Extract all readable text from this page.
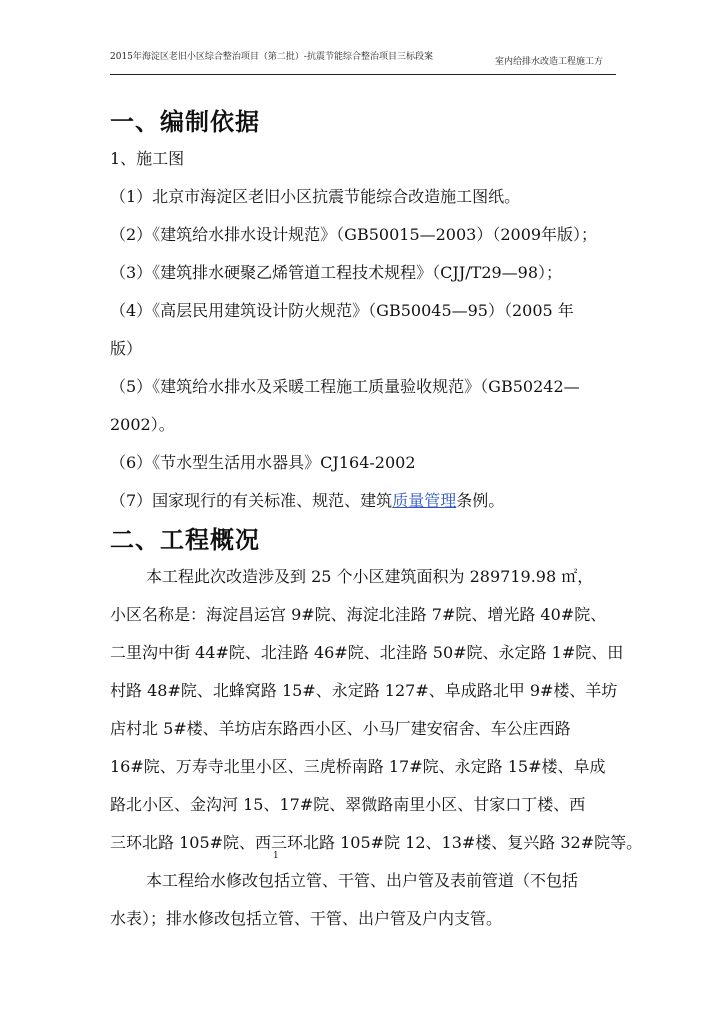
2015年海淀区老旧小区综合整治项目（第二批）-抗震节能综合整治项目三标段案	室内给排水改造工程施工方
一、编制依据
1、施工图
（1）北京市海淀区老旧小区抗震节能综合改造施工图纸。
（2）《建筑给水排水设计规范》（GB50015—2003）（2009年版）；
（3）《建筑排水硬聚乙烯管道工程技术规程》（CJJ/T29—98）；
（4）《高层民用建筑设计防火规范》（GB50045—95）（2005 年
版）
（5）《建筑给水排水及采暖工程施工质量验收规范》（GB50242—
2002）。
（6）《节水型生活用水器具》CJ164-2002
（7）国家现行的有关标准、规范、建筑质量管理条例。
二、工程概况
本工程此次改造涉及到 25 个小区建筑面积为 289719.98 ㎡，
小区名称是：海淀昌运宫 9#院、海淀北洼路 7#院、增光路 40#院、
二里沟中街 44#院、北洼路 46#院、北洼路 50#院、永定路 1#院、田
村路 48#院、北蜂窝路 15#、永定路 127#、阜成路北甲 9#楼、羊坊
店村北 5#楼、羊坊店东路西小区、小马厂建安宿舍、车公庄西路
16#院、万寿寺北里小区、三虎桥南路 17#院、永定路 15#楼、阜成
路北小区、金沟河 15、17#院、翠微路南里小区、甘家口丁楼、西
三环北路 105#院、西三环北路 105#院 12、13#楼、复兴路 32#院等。
1
本工程给水修改包括立管、干管、出户管及表前管道（不包括
水表）；排水修改包括立管、干管、出户管及户内支管。
